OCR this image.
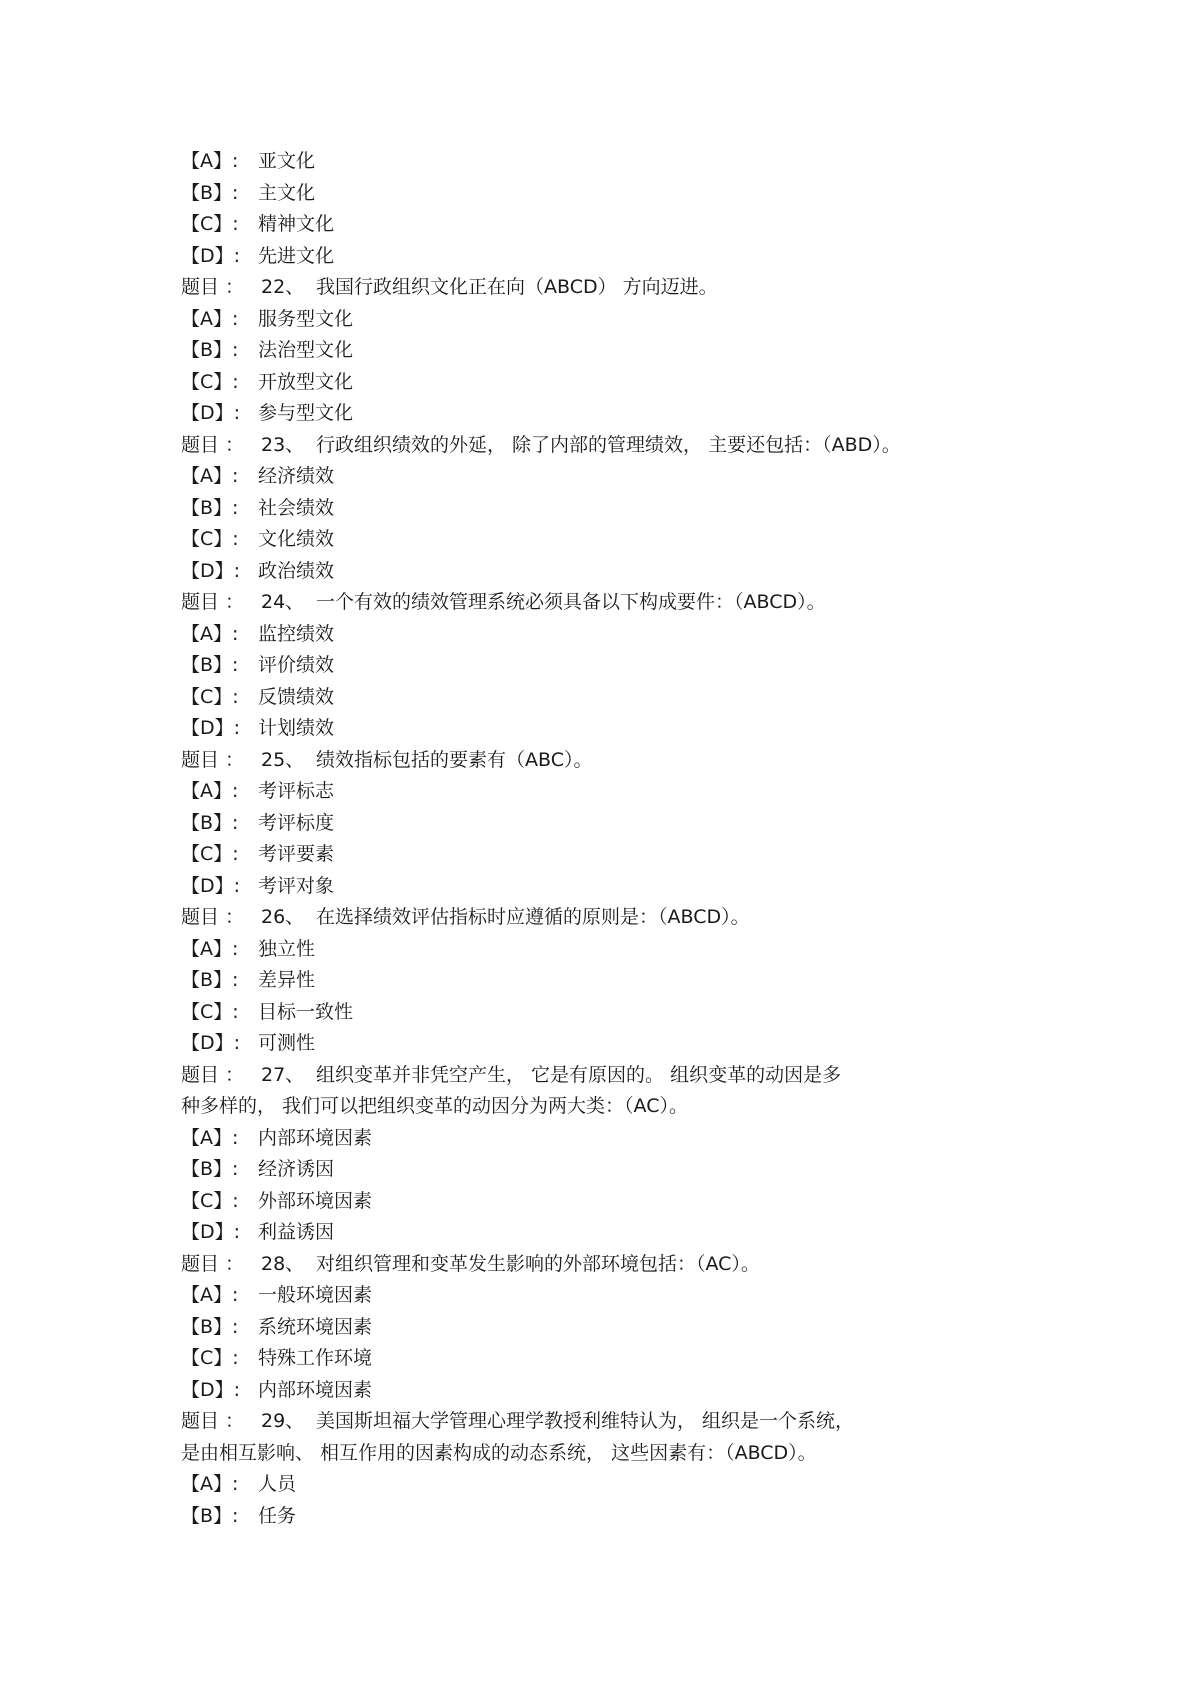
【A】: 亚文化
【B】: 主文化
【C】: 精神文化
【D】: 先进文化
题目 ： 22、 我国行政组织文化正在向（ABCD） 方向迈进。
【A】: 服务型文化
【B】: 法治型文化
【C】: 开放型文化
【D】: 参与型文化
题目 ： 23、 行政组织绩效的外延， 除了内部的管理绩效， 主要还包括：（ABD）。
【A】: 经济绩效
【B】: 社会绩效
【C】: 文化绩效
【D】: 政治绩效
题目 ： 24、 一个有效的绩效管理系统必须具备以下构成要件：（ABCD）。
【A】: 监控绩效
【B】: 评价绩效
【C】: 反馈绩效
【D】: 计划绩效
题目 ： 25、 绩效指标包括的要素有（ABC）。
【A】: 考评标志
【B】: 考评标度
【C】: 考评要素
【D】: 考评对象
题目 ： 26、 在选择绩效评估指标时应遵循的原则是：（ABCD）。
【A】: 独立性
【B】: 差异性
【C】: 目标一致性
【D】: 可测性
题目 ： 27、 组织变革并非凭空产生， 它是有原因的。 组织变革的动因是多
种多样的， 我们可以把组织变革的动因分为两大类：（AC）。
【A】: 内部环境因素
【B】: 经济诱因
【C】: 外部环境因素
【D】: 利益诱因
题目 ： 28、 对组织管理和变革发生影响的外部环境包括：（AC）。
【A】: 一般环境因素
【B】: 系统环境因素
【C】: 特殊工作环境
【D】: 内部环境因素
题目 ： 29、 美国斯坦福大学管理心理学教授利维特认为， 组织是一个系统，
是由相互影响、 相互作用的因素构成的动态系统， 这些因素有：（ABCD）。
【A】: 人员
【B】: 任务
